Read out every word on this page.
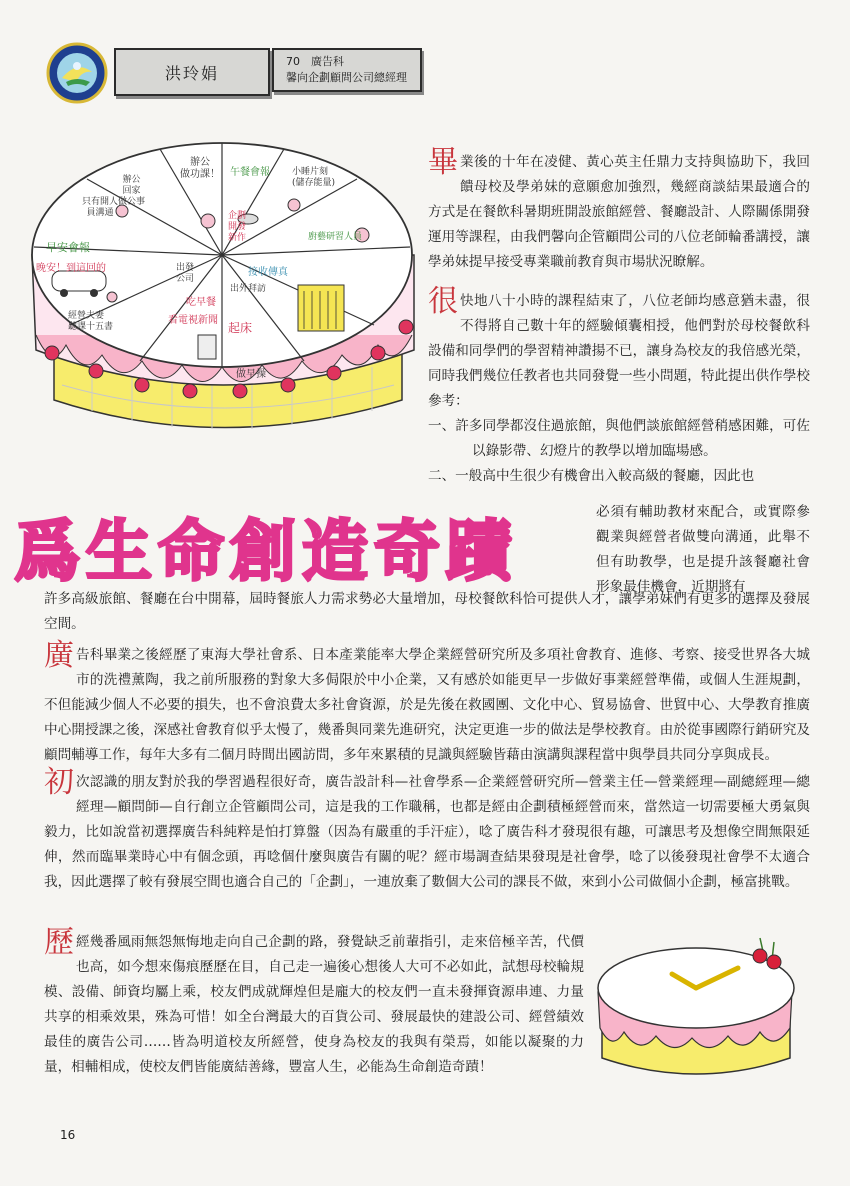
洪玲娟
70　廣告科
馨向企劃顧問公司總經理
辦公
做功課！ 午餐會報 小睡片刻
(儲存能量)
辦公
回家
做公事
只有開人
員溝通	企劃
開發
新作	廚藝研習人員
早安會報
晚安！到這回的	出發
公司
吃早餐
看電視新聞
接收傳真
出外拜訪
起床
做早操
經營夫妻
聽課十五書
畢業後的十年在凌健、黃心英主任鼎力支持與協助下，我回饋母校及學弟妹的意願愈加強烈，幾經商談結果最適合的方式是在餐飲科暑期班開設旅館經營、餐廳設計、人際關係開發運用等課程，由我們馨向企管顧問公司的八位老師輪番講授，讓學弟妹提早接受專業職前教育與市場狀況瞭解。
很快地八十小時的課程結束了，八位老師均感意猶未盡，很不得將自己數十年的經驗傾囊相授，他們對於母校餐飲科設備和同學們的學習精神讚揚不已，讓身為校友的我倍感光榮，同時我們幾位任教者也共同發覺一些小問題，特此提出供作學校參考：
一、許多同學都沒住過旅館，與他們談旅館經營稍感困難，可佐以錄影帶、幻燈片的教學以增加臨場感。
二、一般高中生很少有機會出入較高級的餐廳，因此也
必須有輔助教材來配合，或實際參觀業與經營者做雙向溝通，此舉不但有助教學，也是提升該餐廳社會形象最佳機會，近期將有
爲生命創造奇蹟
許多高級旅館、餐廳在台中開幕，屆時餐旅人力需求勢必大量增加，母校餐飲科恰可提供人才，讓學弟妹們有更多的選擇及發展空間。
廣告科畢業之後經歷了東海大學社會系、日本產業能率大學企業經營研究所及多項社會教育、進修、考察、接受世界各大城市的洗禮薰陶，我之前所服務的對象大多侷限於中小企業，又有感於如能更早一步做好事業經營準備，或個人生涯規劃，不但能減少個人不必要的損失，也不會浪費太多社會資源，於是先後在救國團、文化中心、貿易協會、世貿中心、大學教育推廣中心開授課之後，深感社會教育似乎太慢了，幾番與同業先進研究，決定更進一步的做法是學校教育。由於從事國際行銷研究及顧問輔導工作，每年大多有二個月時間出國訪問，多年來累積的見識與經驗皆藉由演講與課程當中與學員共同分享與成長。
初次認識的朋友對於我的學習過程很好奇，廣告設計科—社會學系—企業經營研究所—營業主任—營業經理—副總經理—總經理—顧問師—自行創立企管顧問公司，這是我的工作職稱，也都是經由企劃積極經營而來，當然這一切需要極大勇氣與毅力，比如說當初選擇廣告科純粹是怕打算盤（因為有嚴重的手汗症），唸了廣告科才發現很有趣，可讓思考及想像空間無限延伸，然而臨畢業時心中有個念頭，再唸個什麼與廣告有關的呢？經市場調查結果發現是社會學，唸了以後發現社會學不太適合我，因此選擇了較有發展空間也適合自己的「企劃」，一連放棄了數個大公司的課長不做，來到小公司做個小企劃，極富挑戰。
歷經幾番風雨無怨無悔地走向自己企劃的路，發覺缺乏前輩指引，走來倍極辛苦，代價也高，如今想來傷痕歷歷在目，自己走一遍後心想後人大可不必如此，試想母校輪規模、設備、師資均屬上乘，校友們成就輝煌但是龐大的校友們一直未發揮資源串連、力量共享的相乘效果，殊為可惜！如全台灣最大的百貨公司、發展最快的建設公司、經營績效最佳的廣告公司……皆為明道校友所經營，使身為校友的我與有榮焉，如能以凝聚的力量，相輔相成，使校友們皆能廣結善緣，豐富人生，必能為生命創造奇蹟！
16
